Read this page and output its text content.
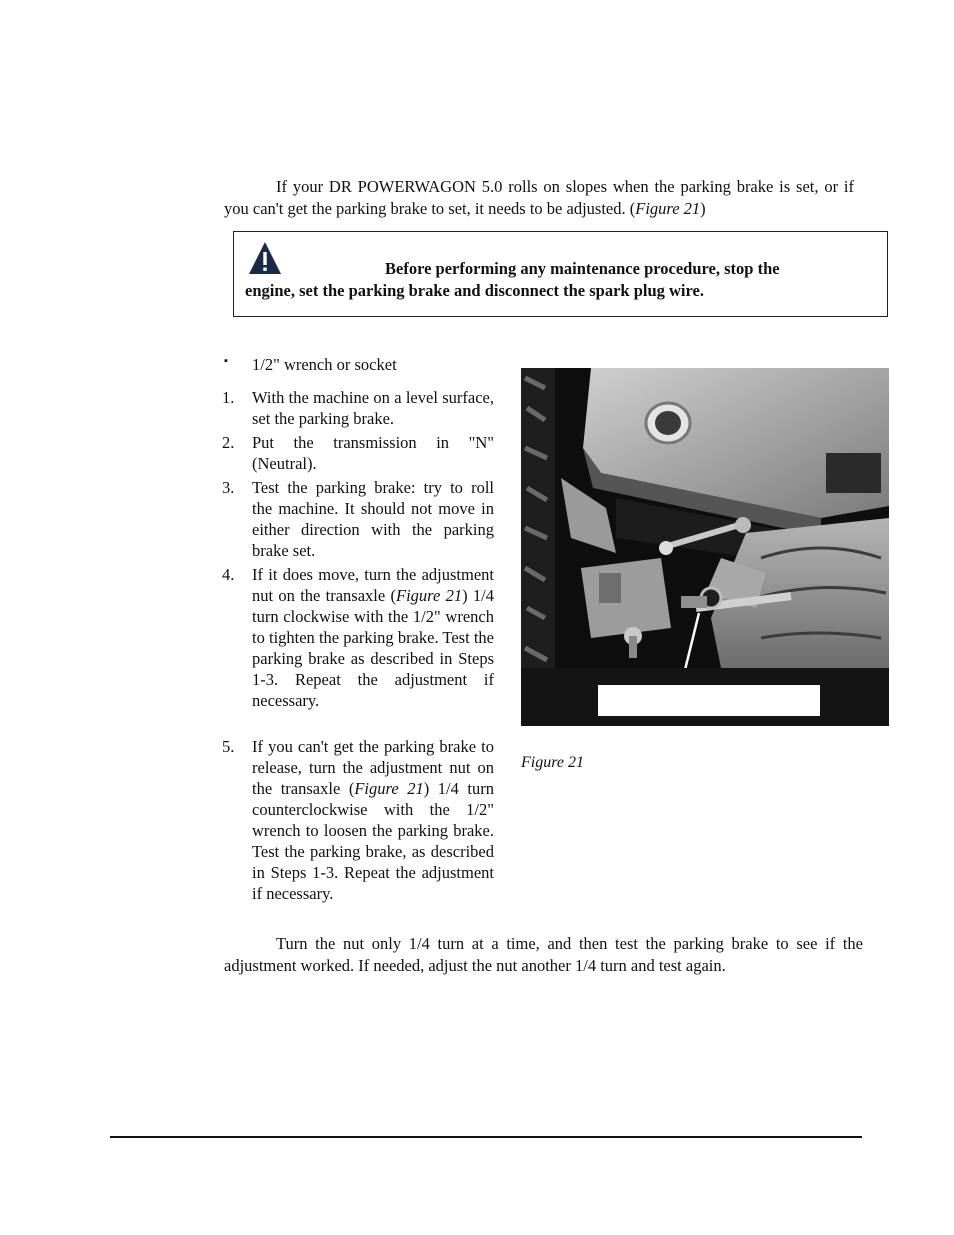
If your DR POWERWAGON 5.0 rolls on slopes when the parking brake is set, or if you can't get the parking brake to set, it needs to be adjusted. (Figure 21)
Before performing any maintenance procedure, stop the
engine, set the parking brake and disconnect the spark plug wire.
▪ 1/2" wrench or socket
1. With the machine on a level surface, set the parking brake.
2. Put the transmission in "N" (Neutral).
3. Test the parking brake: try to roll the machine. It should not move in either direction with the parking brake set.
4. If it does move, turn the adjustment nut on the transaxle (Figure 21) 1/4 turn clockwise with the 1/2" wrench to tighten the parking brake. Test the parking brake as described in Steps 1-3. Repeat the adjustment if necessary.
5. If you can't get the parking brake to release, turn the adjustment nut on the transaxle (Figure 21) 1/4 turn counterclockwise with the 1/2" wrench to loosen the parking brake. Test the parking brake, as described in Steps 1-3. Repeat the adjustment if necessary.
Figure 21
Turn the nut only 1/4 turn at a time, and then test the parking brake to see if the adjustment worked. If needed, adjust the nut another 1/4 turn and test again.
